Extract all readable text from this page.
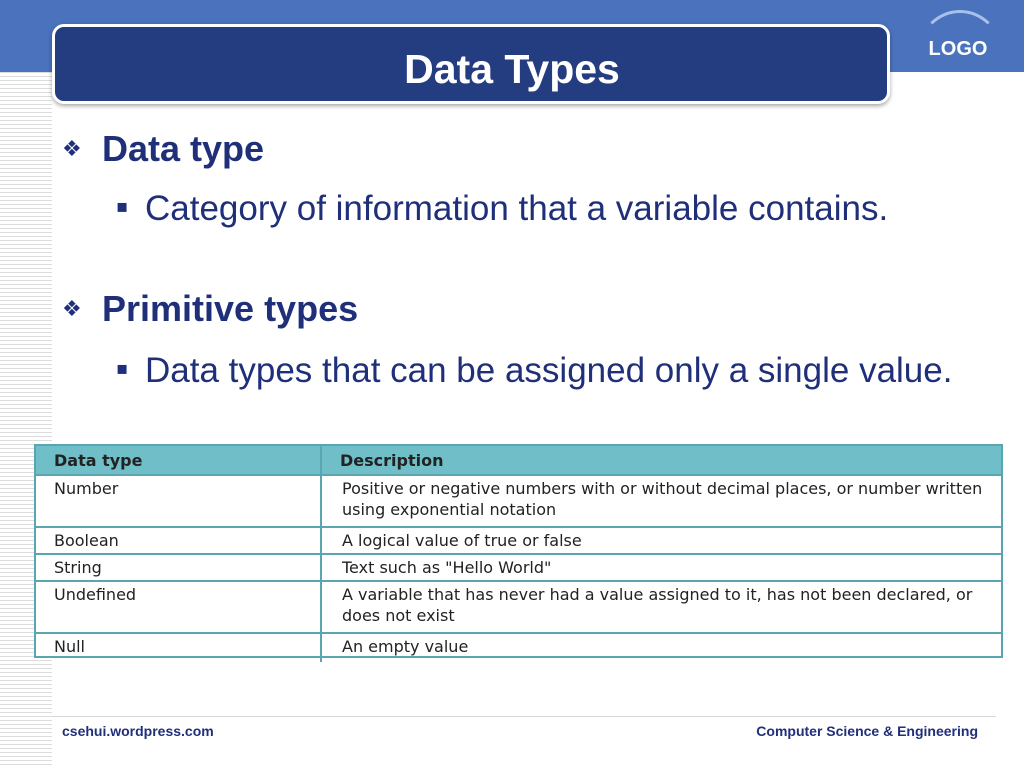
LOGO
Data Types
❖ Data type
▪ Category of information that a variable contains.
❖ Primitive types
▪ Data types that can be assigned only a single value.
Data type	Description
Number	Positive or negative numbers with or without decimal places, or number written using exponential notation
Boolean	A logical value of true or false
String	Text such as "Hello World"
Undefined	A variable that has never had a value assigned to it, has not been declared, or does not exist
Null	An empty value
csehui.wordpress.com	Computer Science & Engineering
